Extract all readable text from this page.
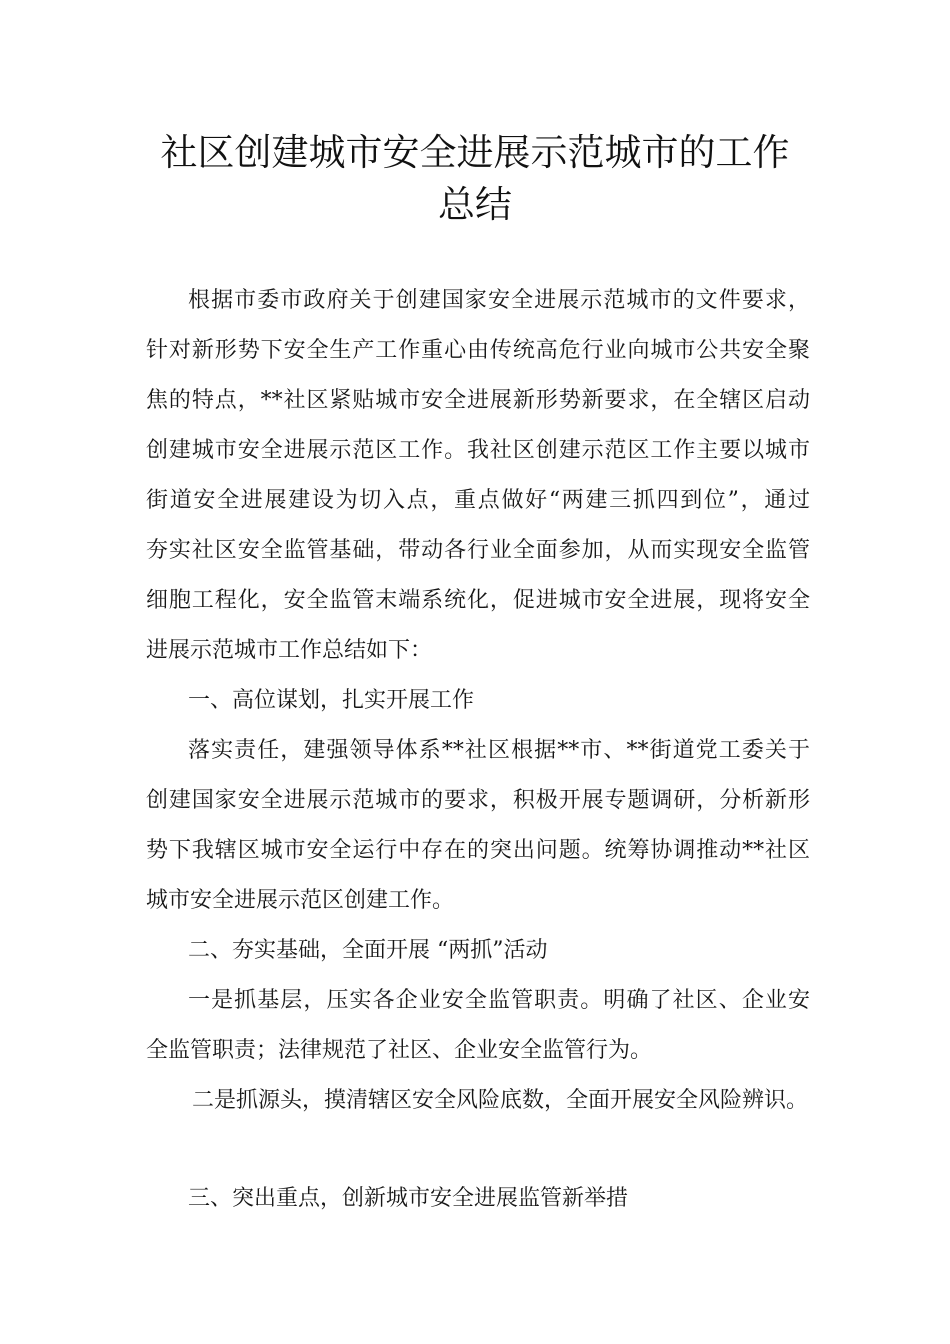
社区创建城市安全进展示范城市的工作
总结
根据市委市政府关于创建国家安全进展示范城市的文件要求，
针对新形势下安全生产工作重心由传统高危行业向城市公共安全聚
焦的特点，**社区紧贴城市安全进展新形势新要求，在全辖区启动
创建城市安全进展示范区工作。我社区创建示范区工作主要以城市
街道安全进展建设为切入点，重点做好“两建三抓四到位”，通过
夯实社区安全监管基础，带动各行业全面参加，从而实现安全监管
细胞工程化，安全监管末端系统化，促进城市安全进展，现将安全
进展示范城市工作总结如下：
一、高位谋划，扎实开展工作
落实责任，建强领导体系**社区根据**市、**街道党工委关于
创建国家安全进展示范城市的要求，积极开展专题调研，分析新形
势下我辖区城市安全运行中存在的突出问题。统筹协调推动**社区
城市安全进展示范区创建工作。
二、夯实基础，全面开展 “两抓”活动
一是抓基层，压实各企业安全监管职责。明确了社区、企业安
全监管职责；法律规范了社区、企业安全监管行为。
二是抓源头，摸清辖区安全风险底数，全面开展安全风险辨识。
三、突出重点，创新城市安全进展监管新举措
